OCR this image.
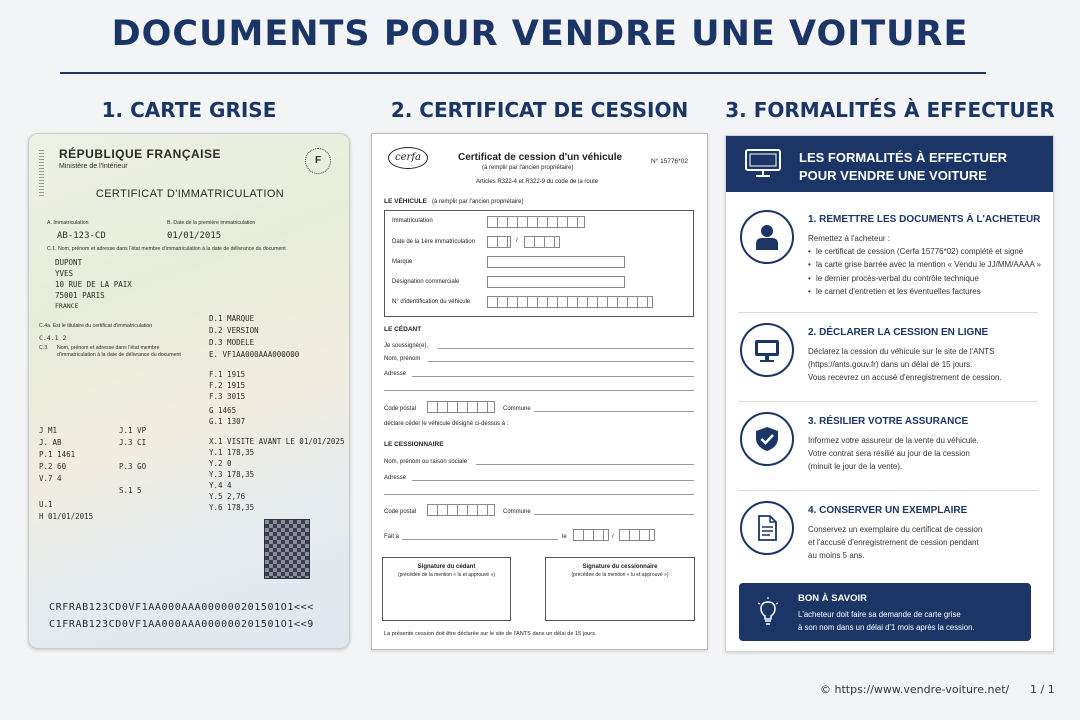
DOCUMENTS POUR VENDRE UNE VOITURE
1. CARTE GRISE	2. CERTIFICAT DE CESSION	3. FORMALITÉS À EFFECTUER
RÉPUBLIQUE FRANÇAISE
Ministère de l'Intérieur
F
CERTIFICAT D'IMMATRICULATION
A. Immatriculation	B. Date de la première immatriculation
AB-123-CD	01/01/2015
C.1. Nom, prénom et adresse dans l'état membre d'immatriculation à la date de délivrance du document
DUPONT
YVES
10 RUE DE LA PAIX
75001 PARIS
FRANCE
C.4a. Est le titulaire du certificat d'immatriculation
C.4.1 2
C.3. Nom, prénom et adresse dans l'état membre
d'immatriculation à la date de délivrance du document
D.1 MARQUE
D.2 VERSION
D.3 MODELE
E. VF1AA000AAA000000
F.1 1915
F.2 1915
F.3 3015
G 1465
G.1 1307
J M1
J. AB
P.1 1461
P.2 60
V.7 4
J.1 VP
J.3 CI
P.3 GO
S.1 5
X.1 VISITE AVANT LE 01/01/2025
Y.1 178,35
Y.2 0
Y.3 178,35
Y.4 4
Y.5 2,76
Y.6 178,35
U.1
H 01/01/2015
CRFRAB123CD0VF1AA000AAA000000201501O1<<<
C1FRAB123CD0VF1AA000AAA000000201501O1<<9
cerfa	Certificat de cession d'un véhicule
(à remplir par l'ancien propriétaire)
Articles R322-4 et R322-9 du code de la route
N° 15776*02
LE VÉHICULE (à remplir par l'ancien propriétaire)
Immatriculation
Date de la 1ère immatriculation	/
Marque
Désignation commerciale
N° d'identification du véhicule
LE CÉDANT
Je soussigné(e),
Nom, prénom
Adresse
Code postal	Commune
déclare céder le véhicule désigné ci-dessus à :
LE CESSIONNAIRE
Nom, prénom ou raison sociale
Adresse
Code postal	Commune
Fait à	le	/
Signature du cédant
(précédée de la mention « lu et approuvé »)
Signature du cessionnaire
(précédée de la mention « lu et approuvé »)
La présente cession doit être déclarée sur le site de l'ANTS dans un délai de 15 jours.
LES FORMALITÉS À EFFECTUER
POUR VENDRE UNE VOITURE
1. REMETTRE LES DOCUMENTS À L'ACHETEUR
Remettez à l'acheteur :
• le certificat de cession (Cerfa 15776*02) complété et signé
• la carte grise barrée avec la mention « Vendu le JJ/MM/AAAA »
• le dernier procès-verbal du contrôle technique
• le carnet d'entretien et les éventuelles factures
2. DÉCLARER LA CESSION EN LIGNE
Déclarez la cession du véhicule sur le site de l'ANTS
(https://ants.gouv.fr) dans un délai de 15 jours.
Vous recevrez un accusé d'enregistrement de cession.
3. RÉSILIER VOTRE ASSURANCE
Informez votre assureur de la vente du véhicule.
Votre contrat sera résilié au jour de la cession
(minuit le jour de la vente).
4. CONSERVER UN EXEMPLAIRE
Conservez un exemplaire du certificat de cession
et l'accusé d'enregistrement de cession pendant
au moins 5 ans.
BON À SAVOIR
L'acheteur doit faire sa demande de carte grise
à son nom dans un délai d'1 mois après la cession.
© https://www.vendre-voiture.net/ 1 / 1
